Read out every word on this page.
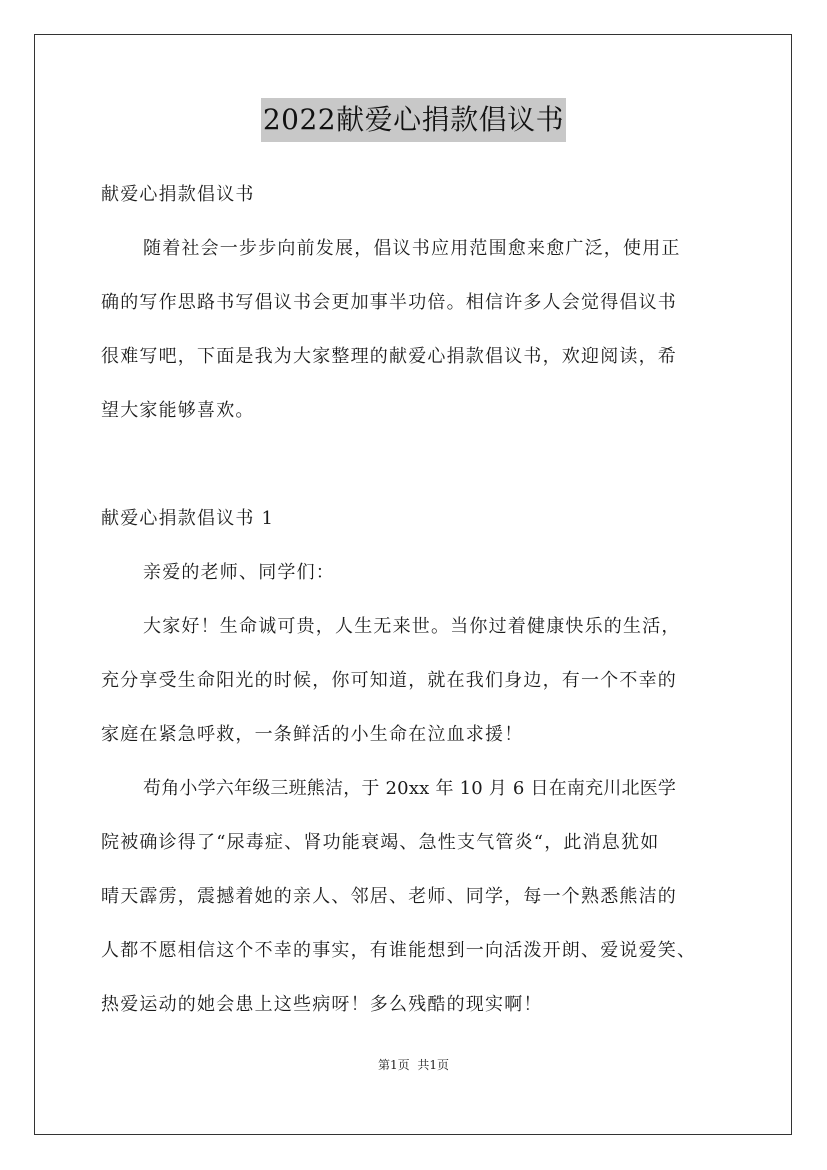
2022献爱心捐款倡议书
献爱心捐款倡议书
随着社会一步步向前发展，倡议书应用范围愈来愈广泛，使用正
确的写作思路书写倡议书会更加事半功倍。相信许多人会觉得倡议书
很难写吧，下面是我为大家整理的献爱心捐款倡议书，欢迎阅读，希
望大家能够喜欢。
献爱心捐款倡议书 1
亲爱的老师、同学们：
大家好！生命诚可贵，人生无来世。当你过着健康快乐的生活，
充分享受生命阳光的时候，你可知道，就在我们身边，有一个不幸的
家庭在紧急呼救，一条鲜活的小生命在泣血求援！
苟角小学六年级三班熊洁，于 20xx 年 10 月 6 日在南充川北医学
院被确诊得了“尿毒症、肾功能衰竭、急性支气管炎“，此消息犹如
晴天霹雳，震撼着她的亲人、邻居、老师、同学，每一个熟悉熊洁的
人都不愿相信这个不幸的事实，有谁能想到一向活泼开朗、爱说爱笑、
热爱运动的她会患上这些病呀！多么残酷的现实啊！
第1页 共1页
